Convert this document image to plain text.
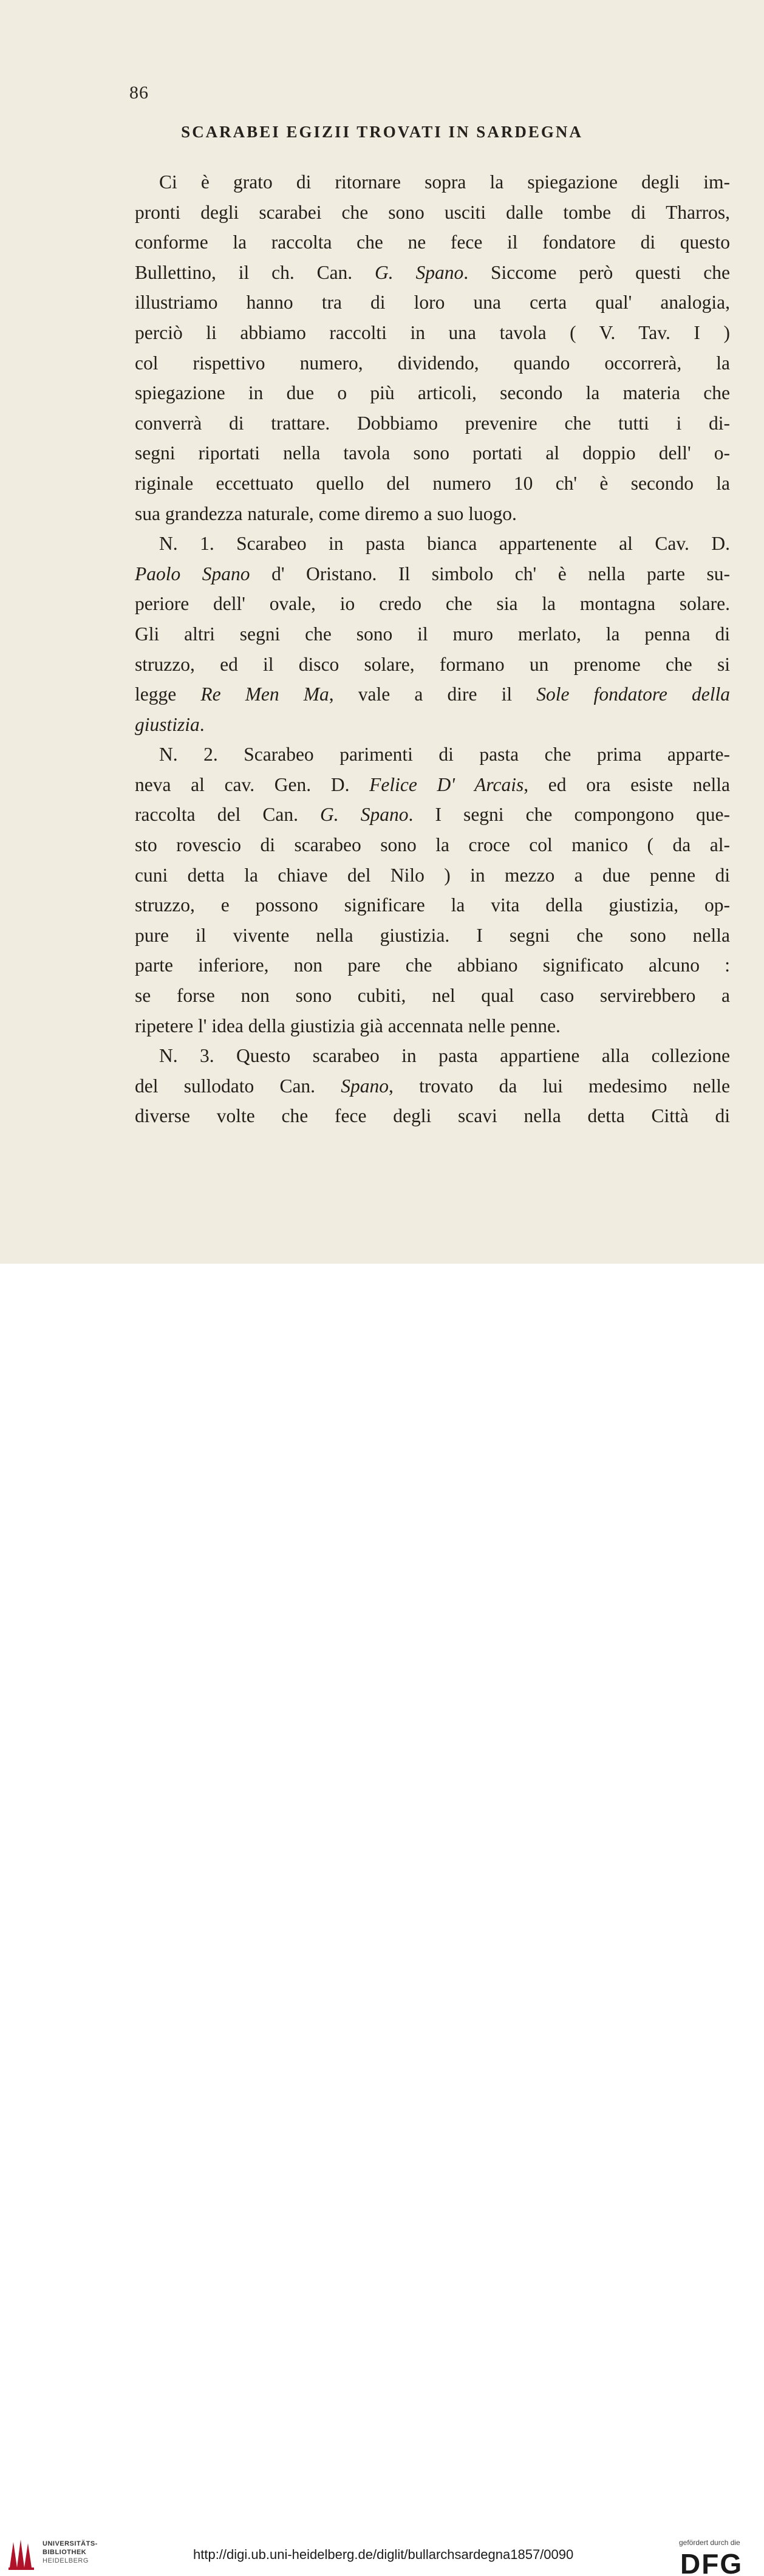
86
SCARABEI EGIZII TROVATI IN SARDEGNA
Ci è grato di ritornare sopra la spiegazione degli im-
pronti degli scarabei che sono usciti dalle tombe di Tharros,
conforme la raccolta che ne fece il fondatore di questo
Bullettino, il ch. Can. G. Spano. Siccome però questi che
illustriamo hanno tra di loro una certa qual' analogia,
perciò li abbiamo raccolti in una tavola ( V. Tav. I )
col rispettivo numero, dividendo, quando occorrerà, la
spiegazione in due o più articoli, secondo la materia che
converrà di trattare. Dobbiamo prevenire che tutti i di-
segni riportati nella tavola sono portati al doppio dell' o-
riginale eccettuato quello del numero 10 ch' è secondo la
sua grandezza naturale, come diremo a suo luogo.
N. 1. Scarabeo in pasta bianca appartenente al Cav. D.
Paolo Spano d' Oristano. Il simbolo ch' è nella parte su-
periore dell' ovale, io credo che sia la montagna solare.
Gli altri segni che sono il muro merlato, la penna di
struzzo, ed il disco solare, formano un prenome che si
legge Re Men Ma, vale a dire il Sole fondatore della
giustizia.
N. 2. Scarabeo parimenti di pasta che prima apparte-
neva al cav. Gen. D. Felice D' Arcais, ed ora esiste nella
raccolta del Can. G. Spano. I segni che compongono que-
sto rovescio di scarabeo sono la croce col manico ( da al-
cuni detta la chiave del Nilo ) in mezzo a due penne di
struzzo, e possono significare la vita della giustizia, op-
pure il vivente nella giustizia. I segni che sono nella
parte inferiore, non pare che abbiano significato alcuno :
se forse non sono cubiti, nel qual caso servirebbero a
ripetere l' idea della giustizia già accennata nelle penne.
N. 3. Questo scarabeo in pasta appartiene alla collezione
del sullodato Can. Spano, trovato da lui medesimo nelle
diverse volte che fece degli scavi nella detta Città di
UNIVERSITÄTS-
BIBLIOTHEK
HEIDELBERG	http://digi.ub.uni-heidelberg.de/diglit/bullarchsardegna1857/0090
gefördert durch die
DFG
